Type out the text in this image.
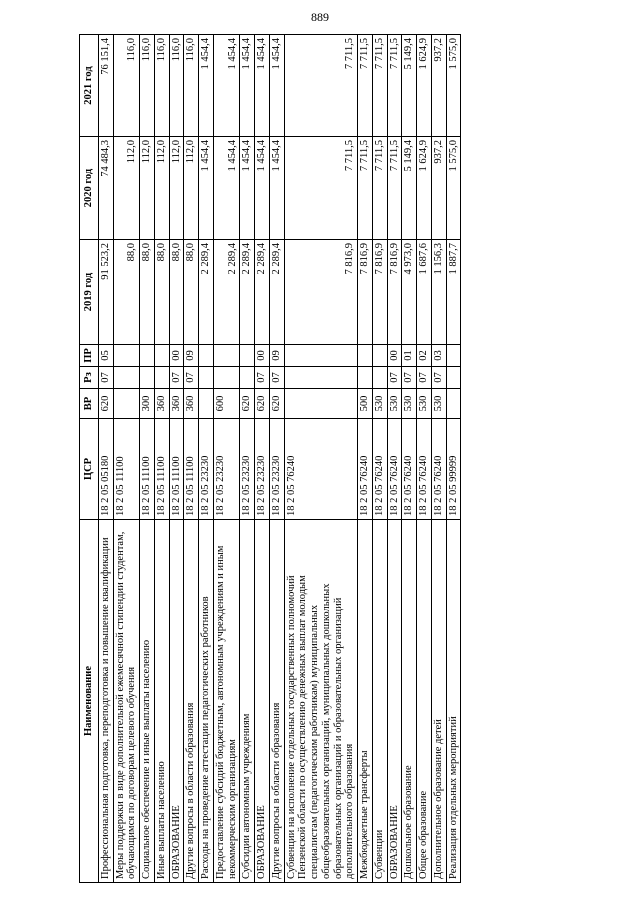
889
Наименование	ЦСР	ВР	Рз	ПР	2019 год	2020 год	2021 год
Профессиональная подготовка, переподготовка и повышение квалификации	18 2 05 05180	620	07	05	91 523,2	74 484,3	76 151,4
Меры поддержки в виде дополнительной ежемесячной стипендии студентам, обучающимся по договорам целевого обучения	18 2 05 11100				88,0	112,0	116,0
Социальное обеспечение и иные выплаты населению	18 2 05 11100	300			88,0	112,0	116,0
Иные выплаты населению	18 2 05 11100	360			88,0	112,0	116,0
ОБРАЗОВАНИЕ	18 2 05 11100	360	07	00	88,0	112,0	116,0
Другие вопросы в области образования	18 2 05 11100	360	07	09	88,0	112,0	116,0
Расходы на проведение аттестации педагогических работников	18 2 05 23230				2 289,4	1 454,4	1 454,4
Предоставление субсидий бюджетным, автономным учреждениям и иным некоммерческим организациям	18 2 05 23230	600			2 289,4	1 454,4	1 454,4
Субсидии автономным учреждениям	18 2 05 23230	620			2 289,4	1 454,4	1 454,4
ОБРАЗОВАНИЕ	18 2 05 23230	620	07	00	2 289,4	1 454,4	1 454,4
Другие вопросы в области образования	18 2 05 23230	620	07	09	2 289,4	1 454,4	1 454,4
Субвенции на исполнение отдельных государственных полномочий Пензенской области по осуществлению денежных выплат молодым специалистам (педагогическим работникам) муниципальных общеобразовательных организаций, муниципальных дошкольных образовательных организаций и образовательных организаций дополнительного образования	18 2 05 76240				7 816,9	7 711,5	7 711,5
Межбюджетные трансферты	18 2 05 76240	500			7 816,9	7 711,5	7 711,5
Субвенции	18 2 05 76240	530			7 816,9	7 711,5	7 711,5
ОБРАЗОВАНИЕ	18 2 05 76240	530	07	00	7 816,9	7 711,5	7 711,5
Дошкольное образование	18 2 05 76240	530	07	01	4 973,0	5 149,4	5 149,4
Общее образование	18 2 05 76240	530	07	02	1 687,6	1 624,9	1 624,9
Дополнительное образование детей	18 2 05 76240	530	07	03	1 156,3	937,2	937,2
Реализация отдельных мероприятий	18 2 05 99999				1 887,7	1 575,0	1 575,0
